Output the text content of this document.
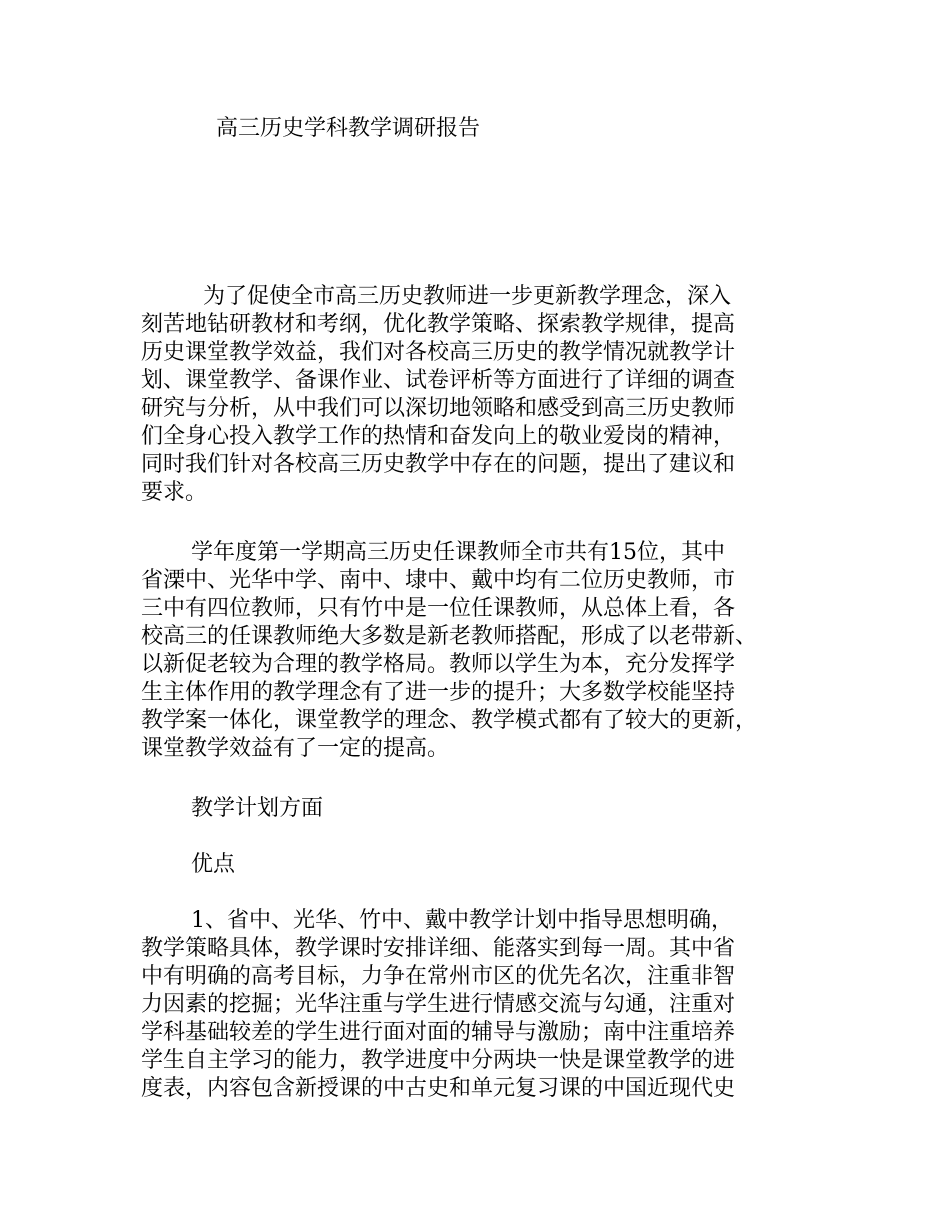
高三历史学科教学调研报告
为了促使全市高三历史教师进一步更新教学理念，深入
刻苦地钻研教材和考纲，优化教学策略、探索教学规律，提高
历史课堂教学效益，我们对各校高三历史的教学情况就教学计
划、课堂教学、备课作业、试卷评析等方面进行了详细的调查
研究与分析，从中我们可以深切地领略和感受到高三历史教师
们全身心投入教学工作的热情和奋发向上的敬业爱岗的精神，
同时我们针对各校高三历史教学中存在的问题，提出了建议和
要求。
学年度第一学期高三历史任课教师全市共有15位，其中
省溧中、光华中学、南中、埭中、戴中均有二位历史教师，市
三中有四位教师，只有竹中是一位任课教师，从总体上看，各
校高三的任课教师绝大多数是新老教师搭配，形成了以老带新、
以新促老较为合理的教学格局。教师以学生为本，充分发挥学
生主体作用的教学理念有了进一步的提升；大多数学校能坚持
教学案一体化，课堂教学的理念、教学模式都有了较大的更新，
课堂教学效益有了一定的提高。
教学计划方面
优点
1、省中、光华、竹中、戴中教学计划中指导思想明确，
教学策略具体，教学课时安排详细、能落实到每一周。其中省
中有明确的高考目标，力争在常州市区的优先名次，注重非智
力因素的挖掘；光华注重与学生进行情感交流与勾通，注重对
学科基础较差的学生进行面对面的辅导与激励；南中注重培养
学生自主学习的能力，教学进度中分两块一快是课堂教学的进
度表，内容包含新授课的中古史和单元复习课的中国近现代史
